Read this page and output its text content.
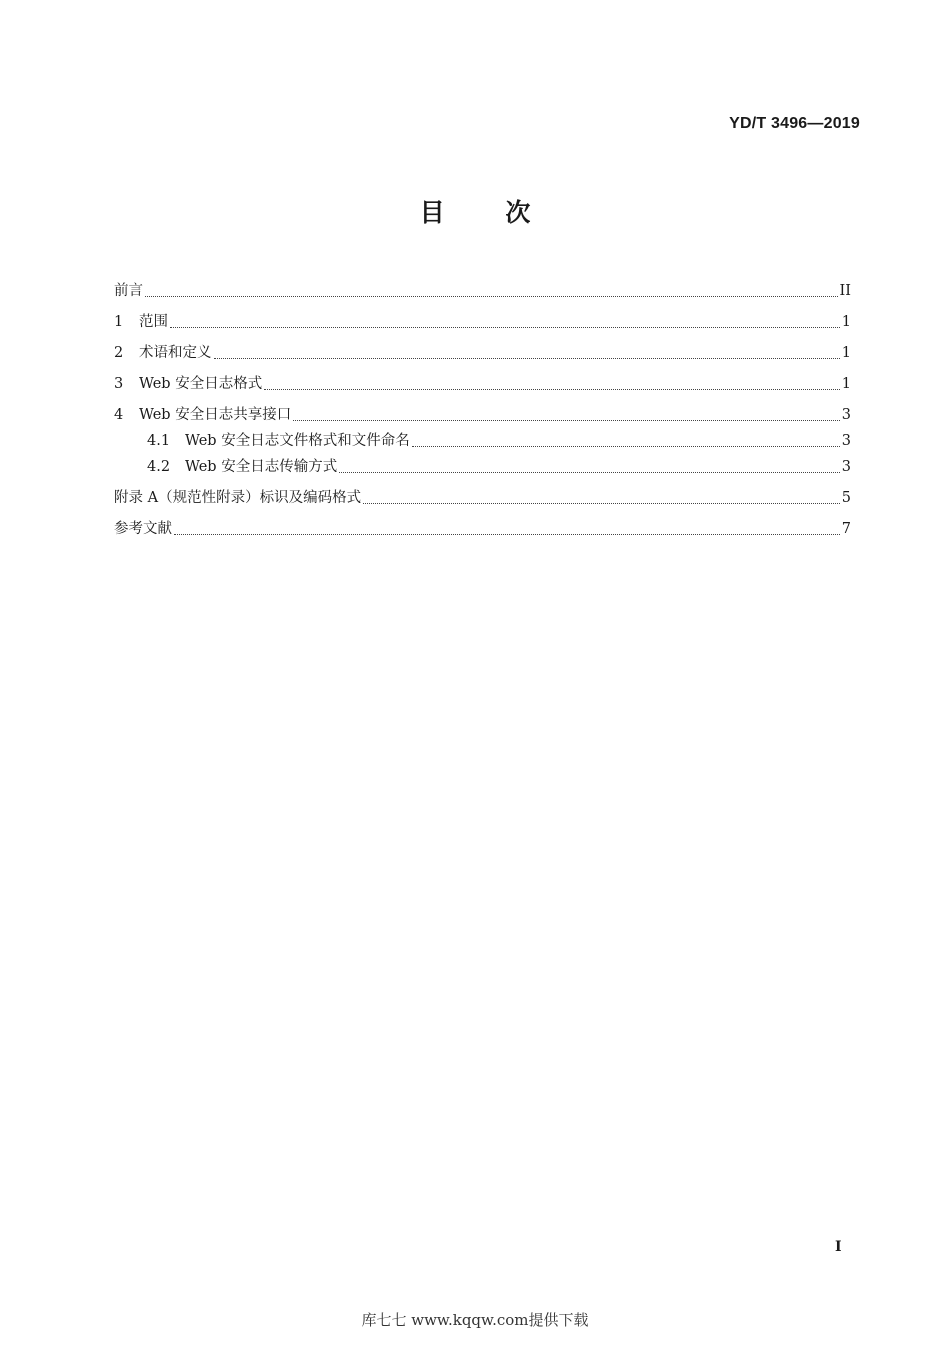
YD/T 3496—2019
目 次
前言	II
1	范围	1
2	术语和定义	1
3	Web 安全日志格式	1
4	Web 安全日志共享接口	3
4.1	Web 安全日志文件格式和文件命名	3
4.2	Web 安全日志传输方式	3
附录 A（规范性附录）标识及编码格式	5
参考文献	7
I
库七七 www.kqqw.com提供下载
